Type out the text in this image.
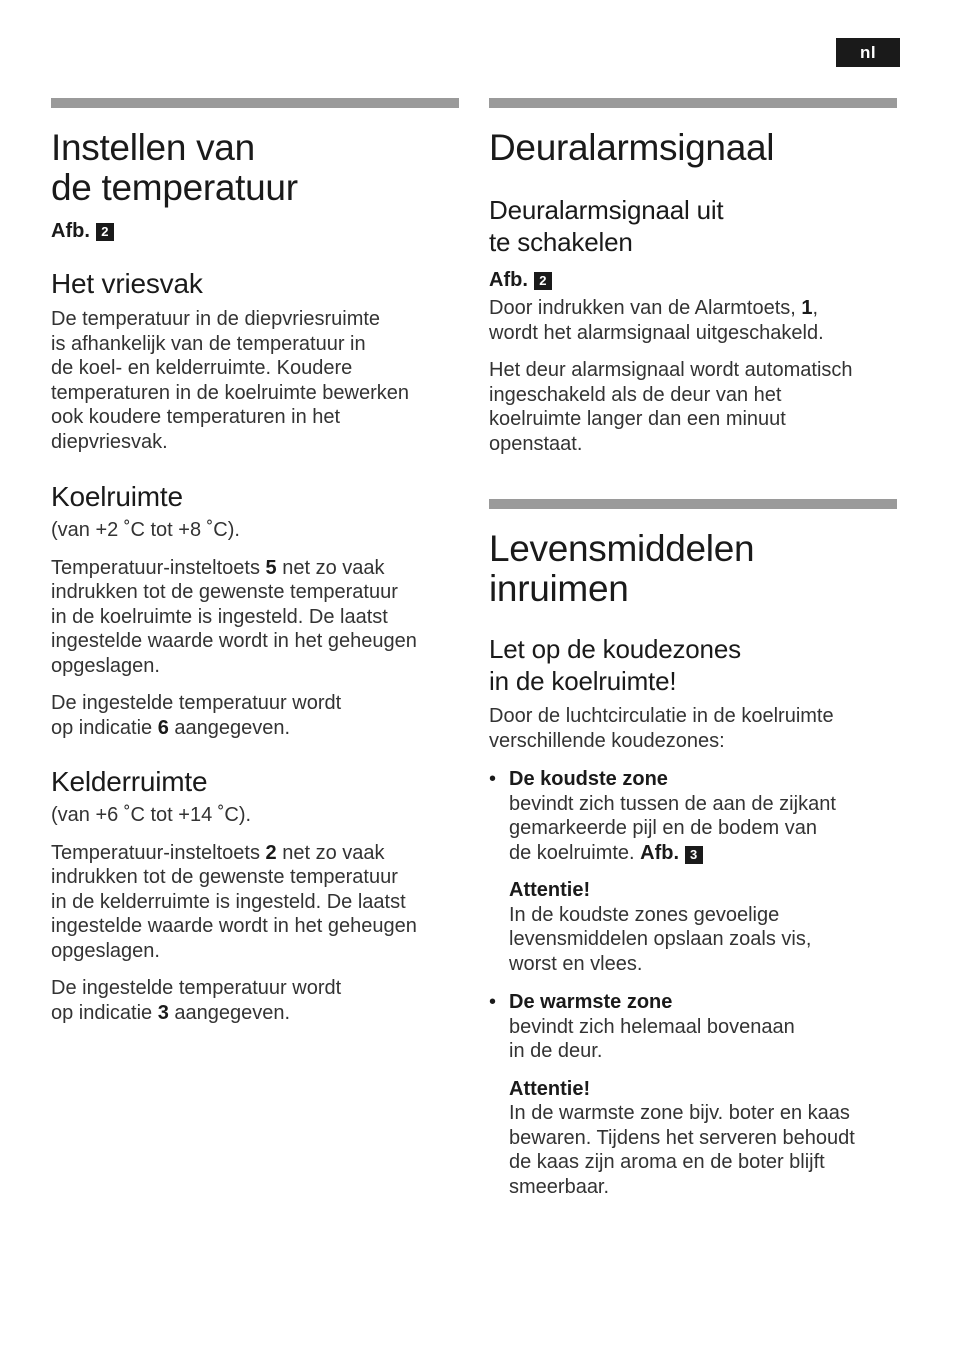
nl
Instellen van
de temperatuur
Afb. 2
Het vriesvak

De temperatuur in de diepvriesruimte
is afhankelijk van de temperatuur in
de koel- en kelderruimte. Koudere
temperaturen in de koelruimte bewerken
ook koudere temperaturen in het
diepvriesvak.

Koelruimte

(van +2 ˚C tot +8 ˚C).

Temperatuur-insteltoets 5 net zo vaak
indrukken tot de gewenste temperatuur
in de koelruimte is ingesteld. De laatst
ingestelde waarde wordt in het geheugen
opgeslagen.

De ingestelde temperatuur wordt
op indicatie 6 aangegeven.

Kelderruimte

(van +6 ˚C tot +14 ˚C).

Temperatuur-insteltoets 2 net zo vaak
indrukken tot de gewenste temperatuur
in de kelderruimte is ingesteld. De laatst
ingestelde waarde wordt in het geheugen
opgeslagen.

De ingestelde temperatuur wordt
op indicatie 3 aangegeven.

Deuralarmsignaal
Deuralarmsignaal uit
te schakelen
Afb. 2

Door indrukken van de Alarmtoets, 1,
wordt het alarmsignaal uitgeschakeld.

Het deur alarmsignaal wordt automatisch
ingeschakeld als de deur van het
koelruimte langer dan een minuut
openstaat.

Levensmiddelen
inruimen
Let op de koudezones
in de koelruimte!

Door de luchtcirculatie in de koelruimte
verschillende koudezones:

• De koudste zone

bevindt zich tussen de aan de zijkant
gemarkeerde pijl en de bodem van
de koelruimte. Afb. 3

Attentie!

In de koudste zones gevoelige
levensmiddelen opslaan zoals vis,
worst en vlees.

• De warmste zone

bevindt zich helemaal bovenaan
in de deur.

Attentie!

In de warmste zone bijv. boter en kaas
bewaren. Tijdens het serveren behoudt
de kaas zijn aroma en de boter blijft
smeerbaar.
